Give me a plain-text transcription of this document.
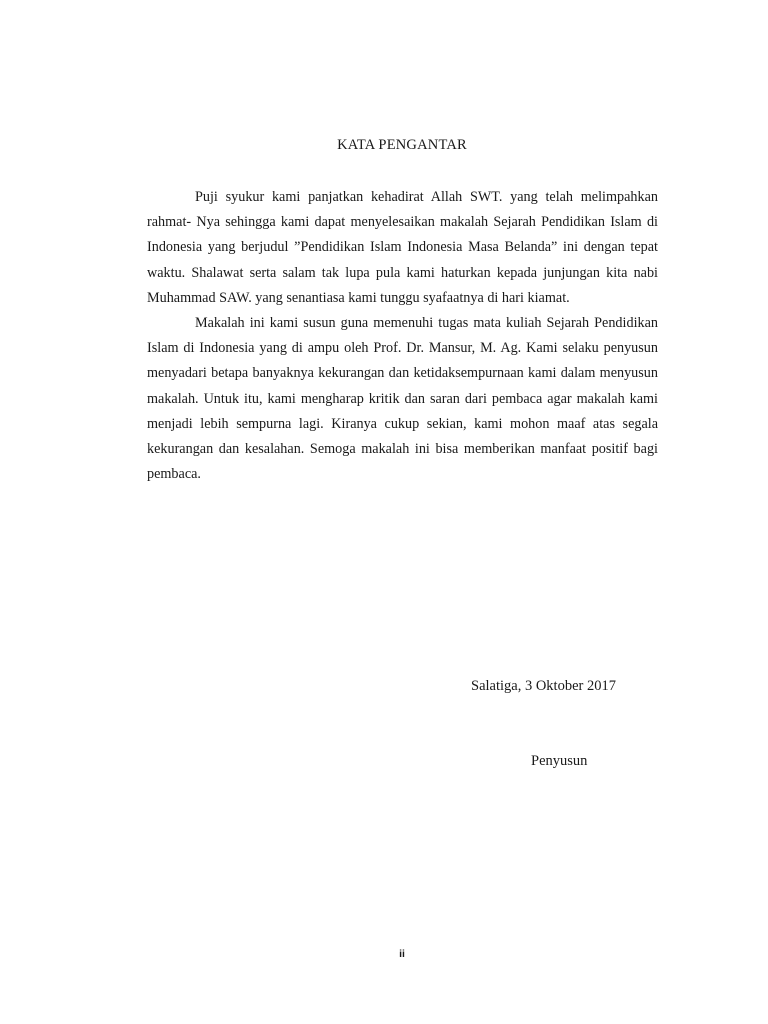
KATA PENGANTAR

Puji syukur kami panjatkan kehadirat Allah SWT. yang telah melimpahkan rahmat- Nya sehingga kami dapat menyelesaikan makalah Sejarah Pendidikan Islam di Indonesia yang berjudul ”Pendidikan Islam Indonesia Masa Belanda” ini dengan tepat waktu. Shalawat serta salam tak lupa pula kami haturkan kepada junjungan kita nabi Muhammad SAW. yang senantiasa kami tunggu syafaatnya di hari kiamat.

Makalah ini kami susun guna memenuhi tugas mata kuliah Sejarah Pendidikan Islam di Indonesia yang di ampu oleh Prof. Dr. Mansur, M. Ag. Kami selaku penyusun menyadari betapa banyaknya kekurangan dan ketidaksempurnaan kami dalam menyusun makalah. Untuk itu, kami mengharap kritik dan saran dari pembaca agar makalah kami menjadi lebih sempurna lagi. Kiranya cukup sekian, kami mohon maaf atas segala kekurangan dan kesalahan. Semoga makalah ini bisa memberikan manfaat positif bagi pembaca.

Salatiga, 3 Oktober 2017
Penyusun
ii
